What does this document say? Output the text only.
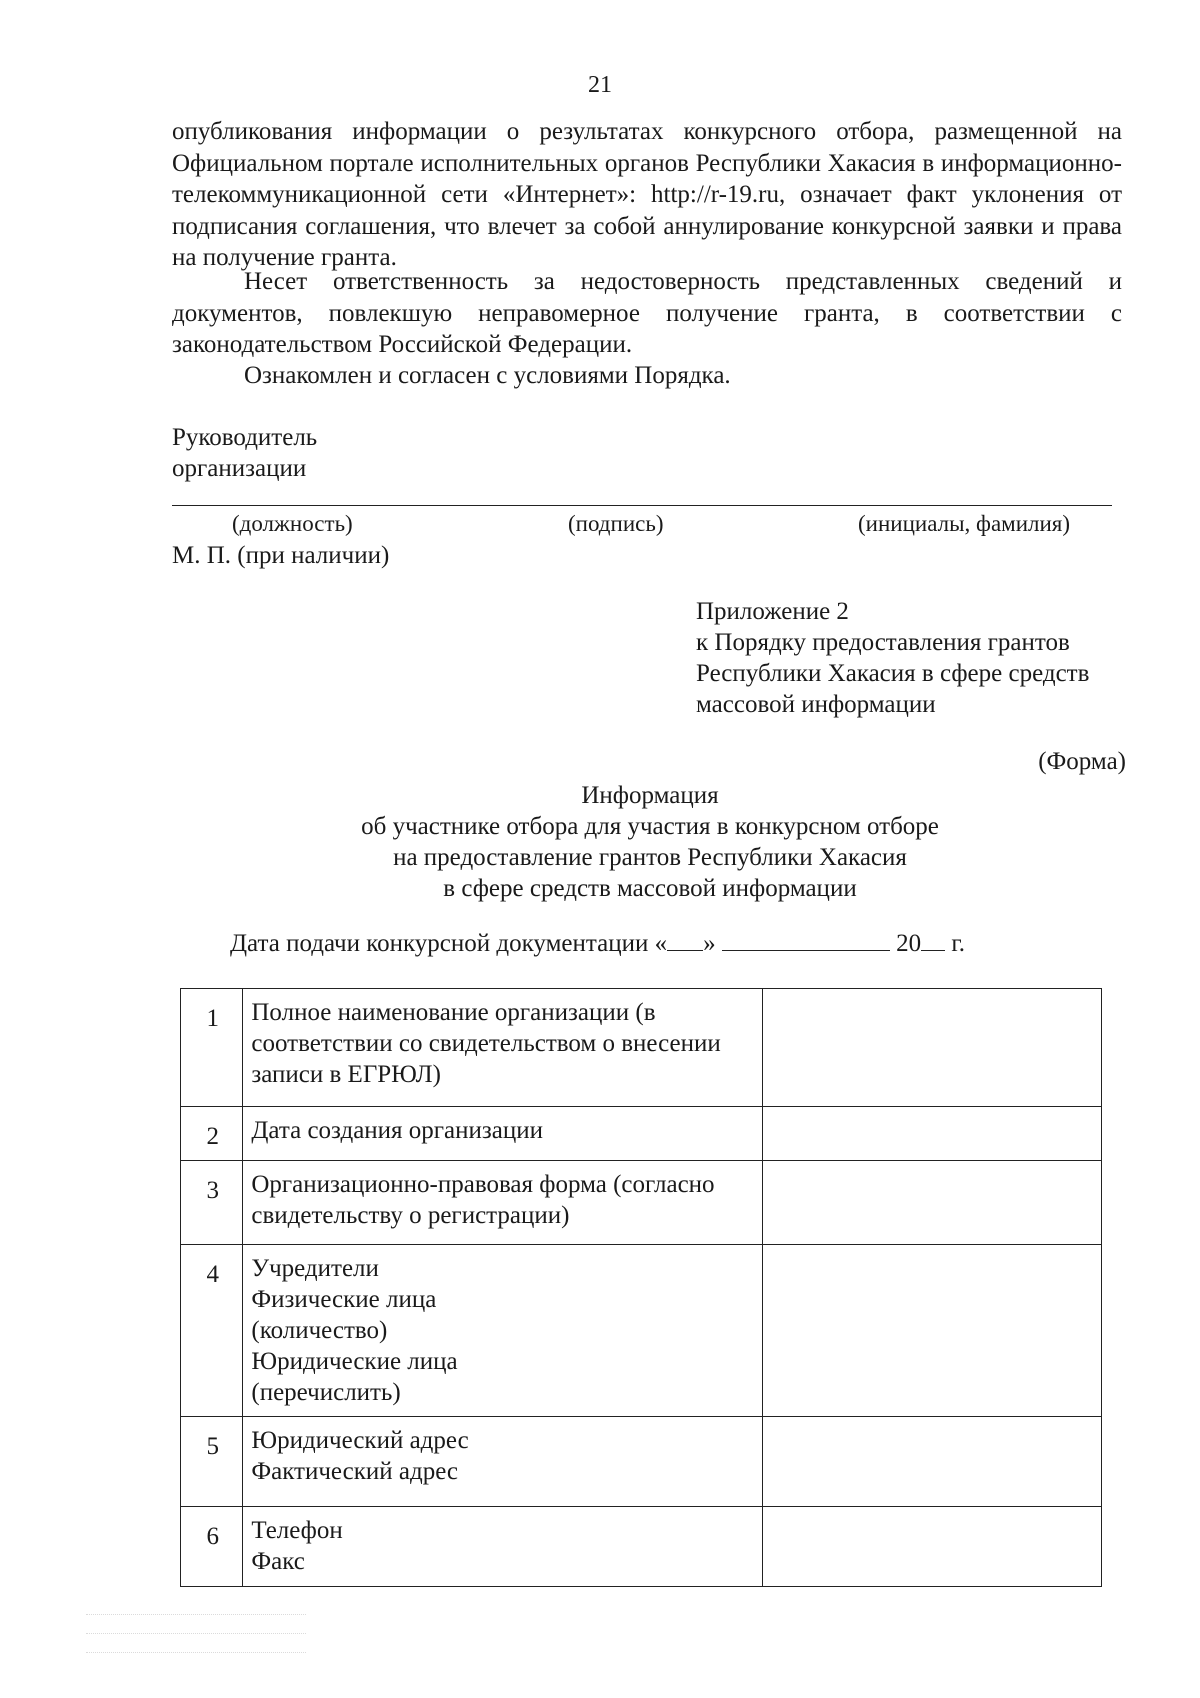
21
опубликования информации о результатах конкурсного отбора, размещенной на Официальном портале исполнительных органов Республики Хакасия в информационно-телекоммуникационной сети «Интернет»: http://r-19.ru, означает факт уклонения от подписания соглашения, что влечет за собой аннулирование конкурсной заявки и права на получение гранта.
Несет ответственность за недостоверность представленных сведений и документов, повлекшую неправомерное получение гранта, в соответствии с законодательством Российской Федерации.
Ознакомлен и согласен с условиями Порядка.
Руководитель
организации
(должность)	(подпись)	(инициалы, фамилия)
М. П. (при наличии)
Приложение 2
к Порядку предоставления грантов
Республики Хакасия в сфере средств
массовой информации
(Форма)
Информация
об участнике отбора для участия в конкурсном отборе
на предоставление грантов Республики Хакасия
в сфере средств массовой информации
Дата подачи конкурсной документации « »	20 г.
1	Полное наименование организации (в
соответствии со свидетельством о внесении
записи в ЕГРЮЛ)	

2	Дата создания организации	

3	Организационно-правовая форма (согласно
свидетельству о регистрации)	

4	Учредители
Физические лица
(количество)
Юридические лица
(перечислить)	

5	Юридический адрес
Фактический адрес	

6	Телефон
Факс	
